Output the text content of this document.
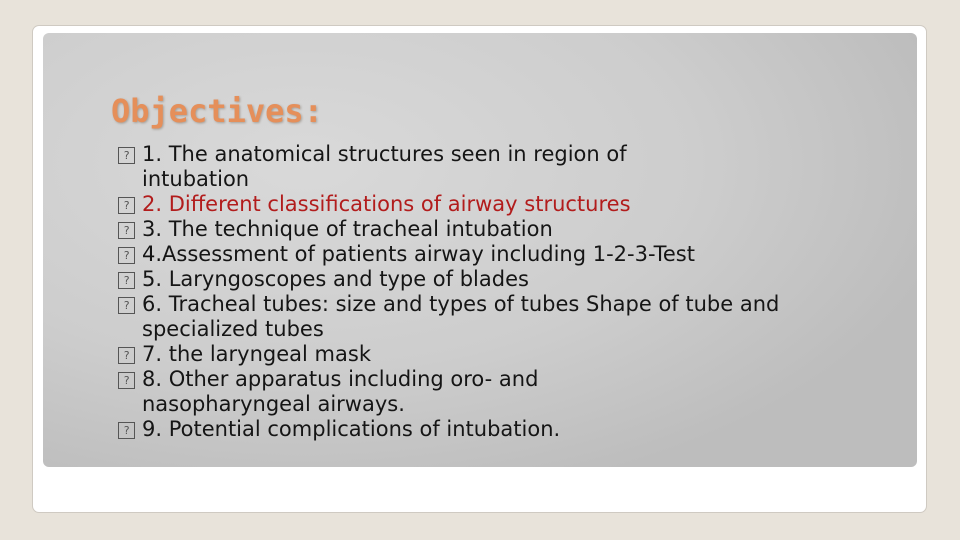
Objectives:
? 1. The anatomical structures seen in region of intubation
? 2. Different classifications of airway structures
? 3. The technique of tracheal intubation
? 4.Assessment of patients airway including 1-2-3-Test
? 5. Laryngoscopes and type of blades
? 6. Tracheal tubes: size and types of tubes Shape of tube and specialized tubes
? 7. the laryngeal mask
? 8. Other apparatus including oro- and nasopharyngeal airways.
? 9. Potential complications of intubation.
